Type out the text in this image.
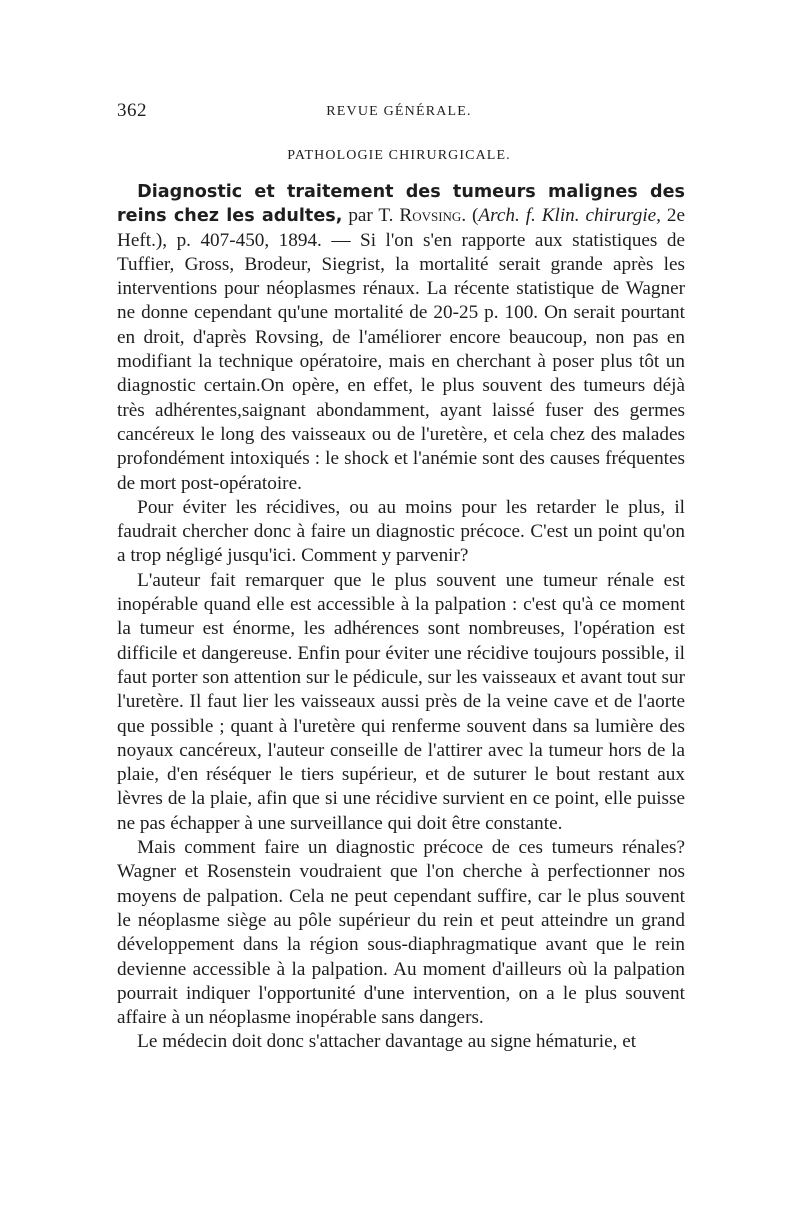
362	REVUE GÉNÉRALE.
PATHOLOGIE CHIRURGICALE.

Diagnostic et traitement des tumeurs malignes des reins chez les adultes, par T. Rovsing. (Arch. f. Klin. chirurgie, 2e Heft.), p. 407-450, 1894. — Si l'on s'en rapporte aux statistiques de Tuffier, Gross, Brodeur, Siegrist, la mortalité serait grande après les interventions pour néoplasmes rénaux. La récente statistique de Wagner ne donne cependant qu'une mortalité de 20-25 p. 100. On serait pourtant en droit, d'après Rovsing, de l'améliorer encore beaucoup, non pas en modifiant la technique opératoire, mais en cherchant à poser plus tôt un diagnostic certain.On opère, en effet, le plus souvent des tumeurs déjà très adhérentes,saignant abondamment, ayant laissé fuser des germes cancéreux le long des vaisseaux ou de l'uretère, et cela chez des malades profondément intoxiqués : le shock et l'anémie sont des causes fréquentes de mort post-opératoire.

Pour éviter les récidives, ou au moins pour les retarder le plus, il faudrait chercher donc à faire un diagnostic précoce. C'est un point qu'on a trop négligé jusqu'ici. Comment y parvenir?

L'auteur fait remarquer que le plus souvent une tumeur rénale est inopérable quand elle est accessible à la palpation : c'est qu'à ce moment la tumeur est énorme, les adhérences sont nombreuses, l'opération est difficile et dangereuse. Enfin pour éviter une récidive toujours possible, il faut porter son attention sur le pédicule, sur les vaisseaux et avant tout sur l'uretère. Il faut lier les vaisseaux aussi près de la veine cave et de l'aorte que possible ; quant à l'uretère qui renferme souvent dans sa lumière des noyaux cancéreux, l'auteur conseille de l'attirer avec la tumeur hors de la plaie, d'en réséquer le tiers supérieur, et de suturer le bout restant aux lèvres de la plaie, afin que si une récidive survient en ce point, elle puisse ne pas échapper à une surveillance qui doit être constante.

Mais comment faire un diagnostic précoce de ces tumeurs rénales? Wagner et Rosenstein voudraient que l'on cherche à perfectionner nos moyens de palpation. Cela ne peut cependant suffire, car le plus souvent le néoplasme siège au pôle supérieur du rein et peut atteindre un grand développement dans la région sous-diaphragmatique avant que le rein devienne accessible à la palpation. Au moment d'ailleurs où la palpation pourrait indiquer l'opportunité d'une intervention, on a le plus souvent affaire à un néoplasme inopérable sans dangers.

Le médecin doit donc s'attacher davantage au signe hématurie, et
